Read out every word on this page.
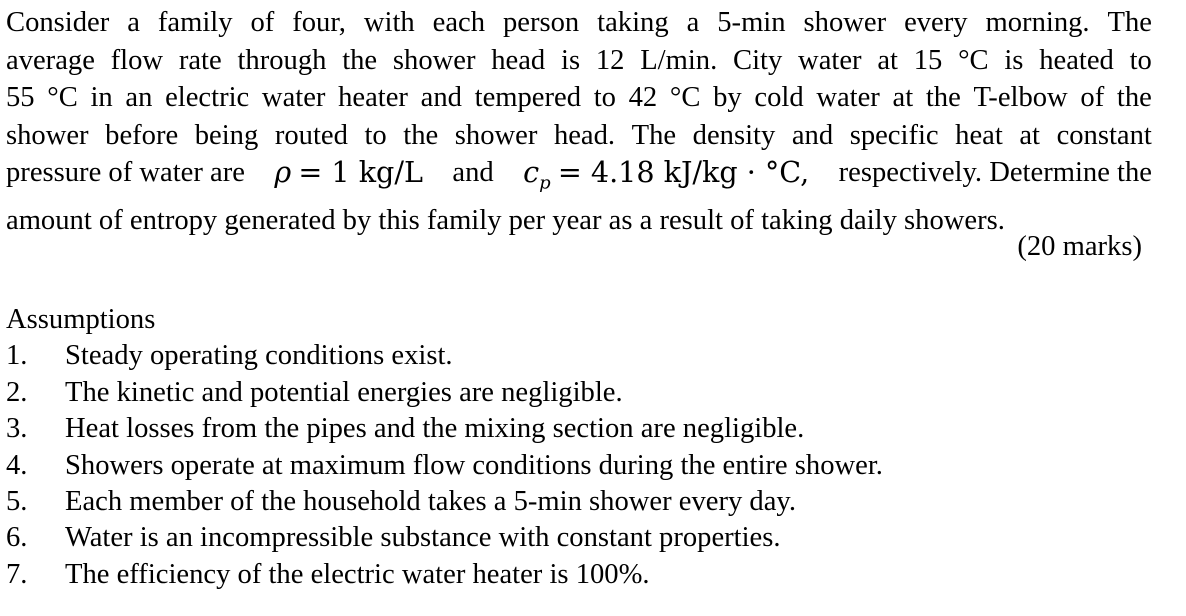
Consider a family of four, with each person taking a 5-min shower every morning. The
average flow rate through the shower head is 12 L/min. City water at 15 °C is heated to
55 °C in an electric water heater and tempered to 42 °C by cold water at the T-elbow of the
shower before being routed to the shower head. The density and specific heat at constant
pressure of water are ρ = 1 kg/L and $c_p = 4.18$ kJ/kg · °C, respectively. Determine the
amount of entropy generated by this family per year as a result of taking daily showers.
(20 marks)
Assumptions
1.	Steady operating conditions exist.
2.	The kinetic and potential energies are negligible.
3.	Heat losses from the pipes and the mixing section are negligible.
4.	Showers operate at maximum flow conditions during the entire shower.
5.	Each member of the household takes a 5-min shower every day.
6.	Water is an incompressible substance with constant properties.
7.	The efficiency of the electric water heater is 100%.
